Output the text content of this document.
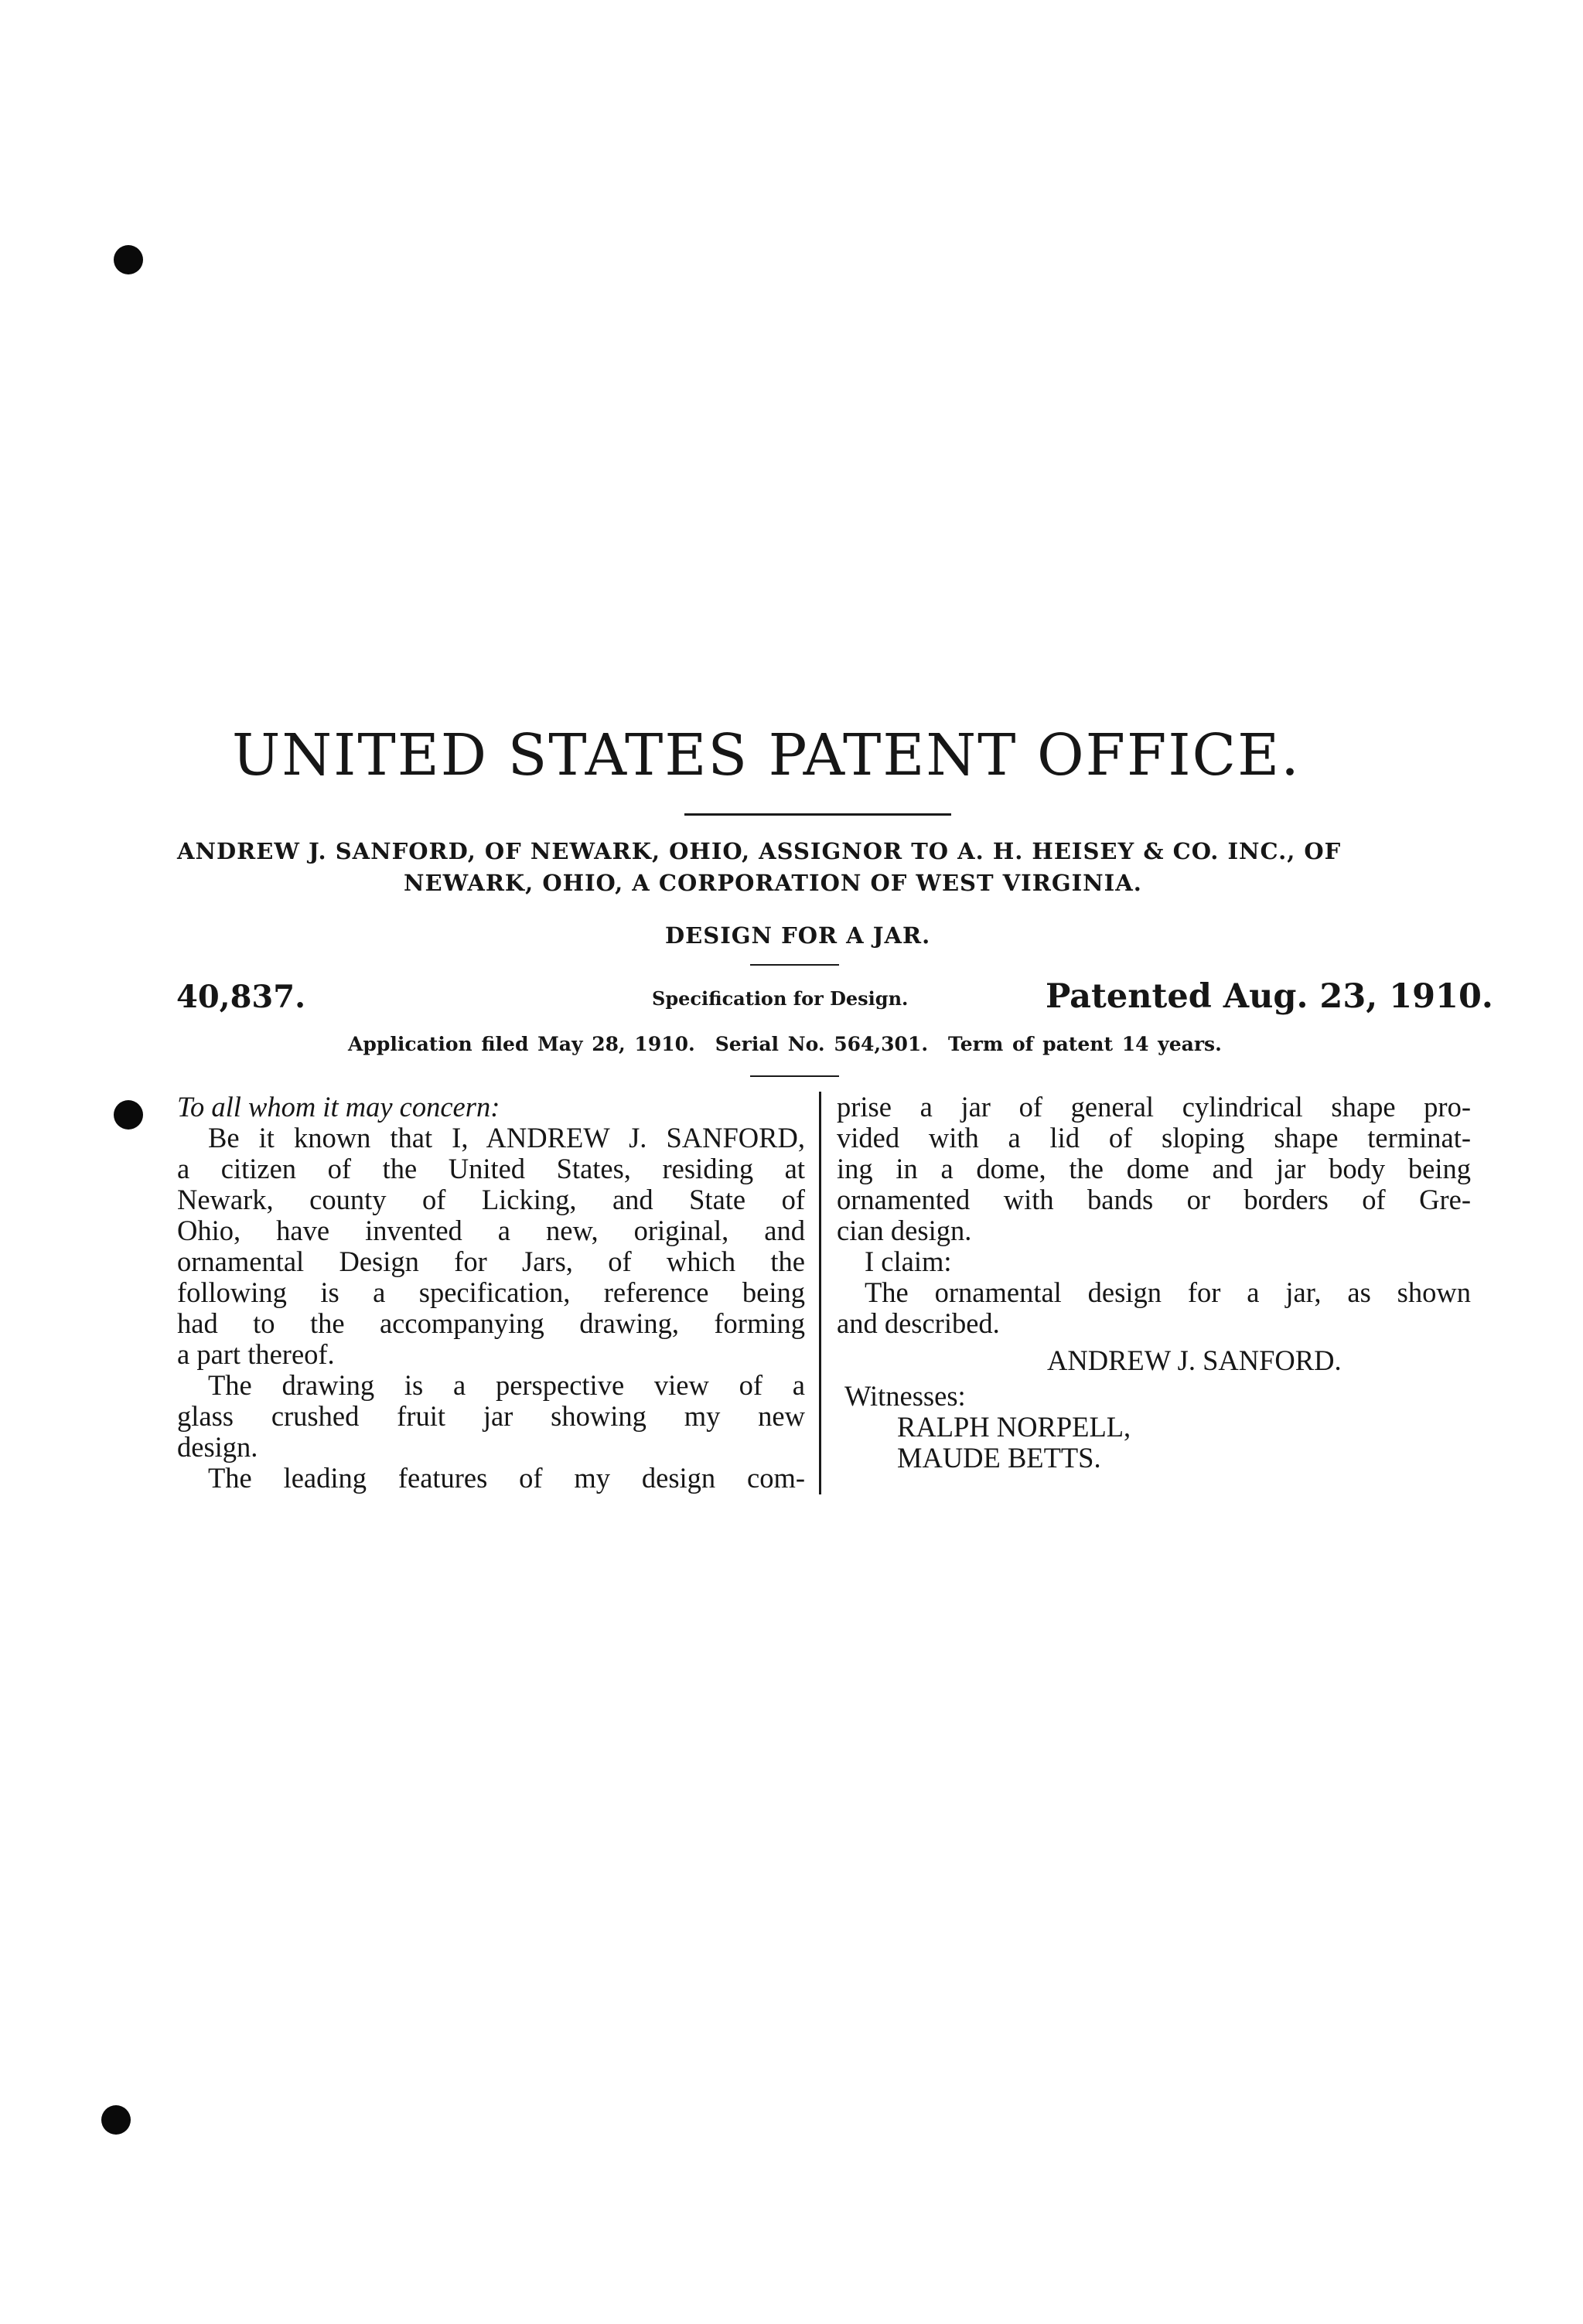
UNITED STATES PATENT OFFICE.
ANDREW J. SANFORD, OF NEWARK, OHIO, ASSIGNOR TO A. H. HEISEY & CO. INC., OF
NEWARK, OHIO, A CORPORATION OF WEST VIRGINIA.
DESIGN FOR A JAR.
40,837.	Specification for Design.	Patented Aug. 23, 1910.
Application filed May 28, 1910. Serial No. 564,301. Term of patent 14 years.
To all whom it may concern:
Be it known that I, ANDREW J. SANFORD,
a citizen of the United States, residing at
Newark, county of Licking, and State of
Ohio, have invented a new, original, and
ornamental Design for Jars, of which the
following is a specification, reference being
had to the accompanying drawing, forming
a part thereof.
The drawing is a perspective view of a
glass crushed fruit jar showing my new
design.
The leading features of my design com-
prise a jar of general cylindrical shape pro-
vided with a lid of sloping shape terminat-
ing in a dome, the dome and jar body being
ornamented with bands or borders of Gre-
cian design.
I claim:
The ornamental design for a jar, as shown
and described.
ANDREW J. SANFORD.
Witnesses:
RALPH NORPELL,
MAUDE BETTS.
